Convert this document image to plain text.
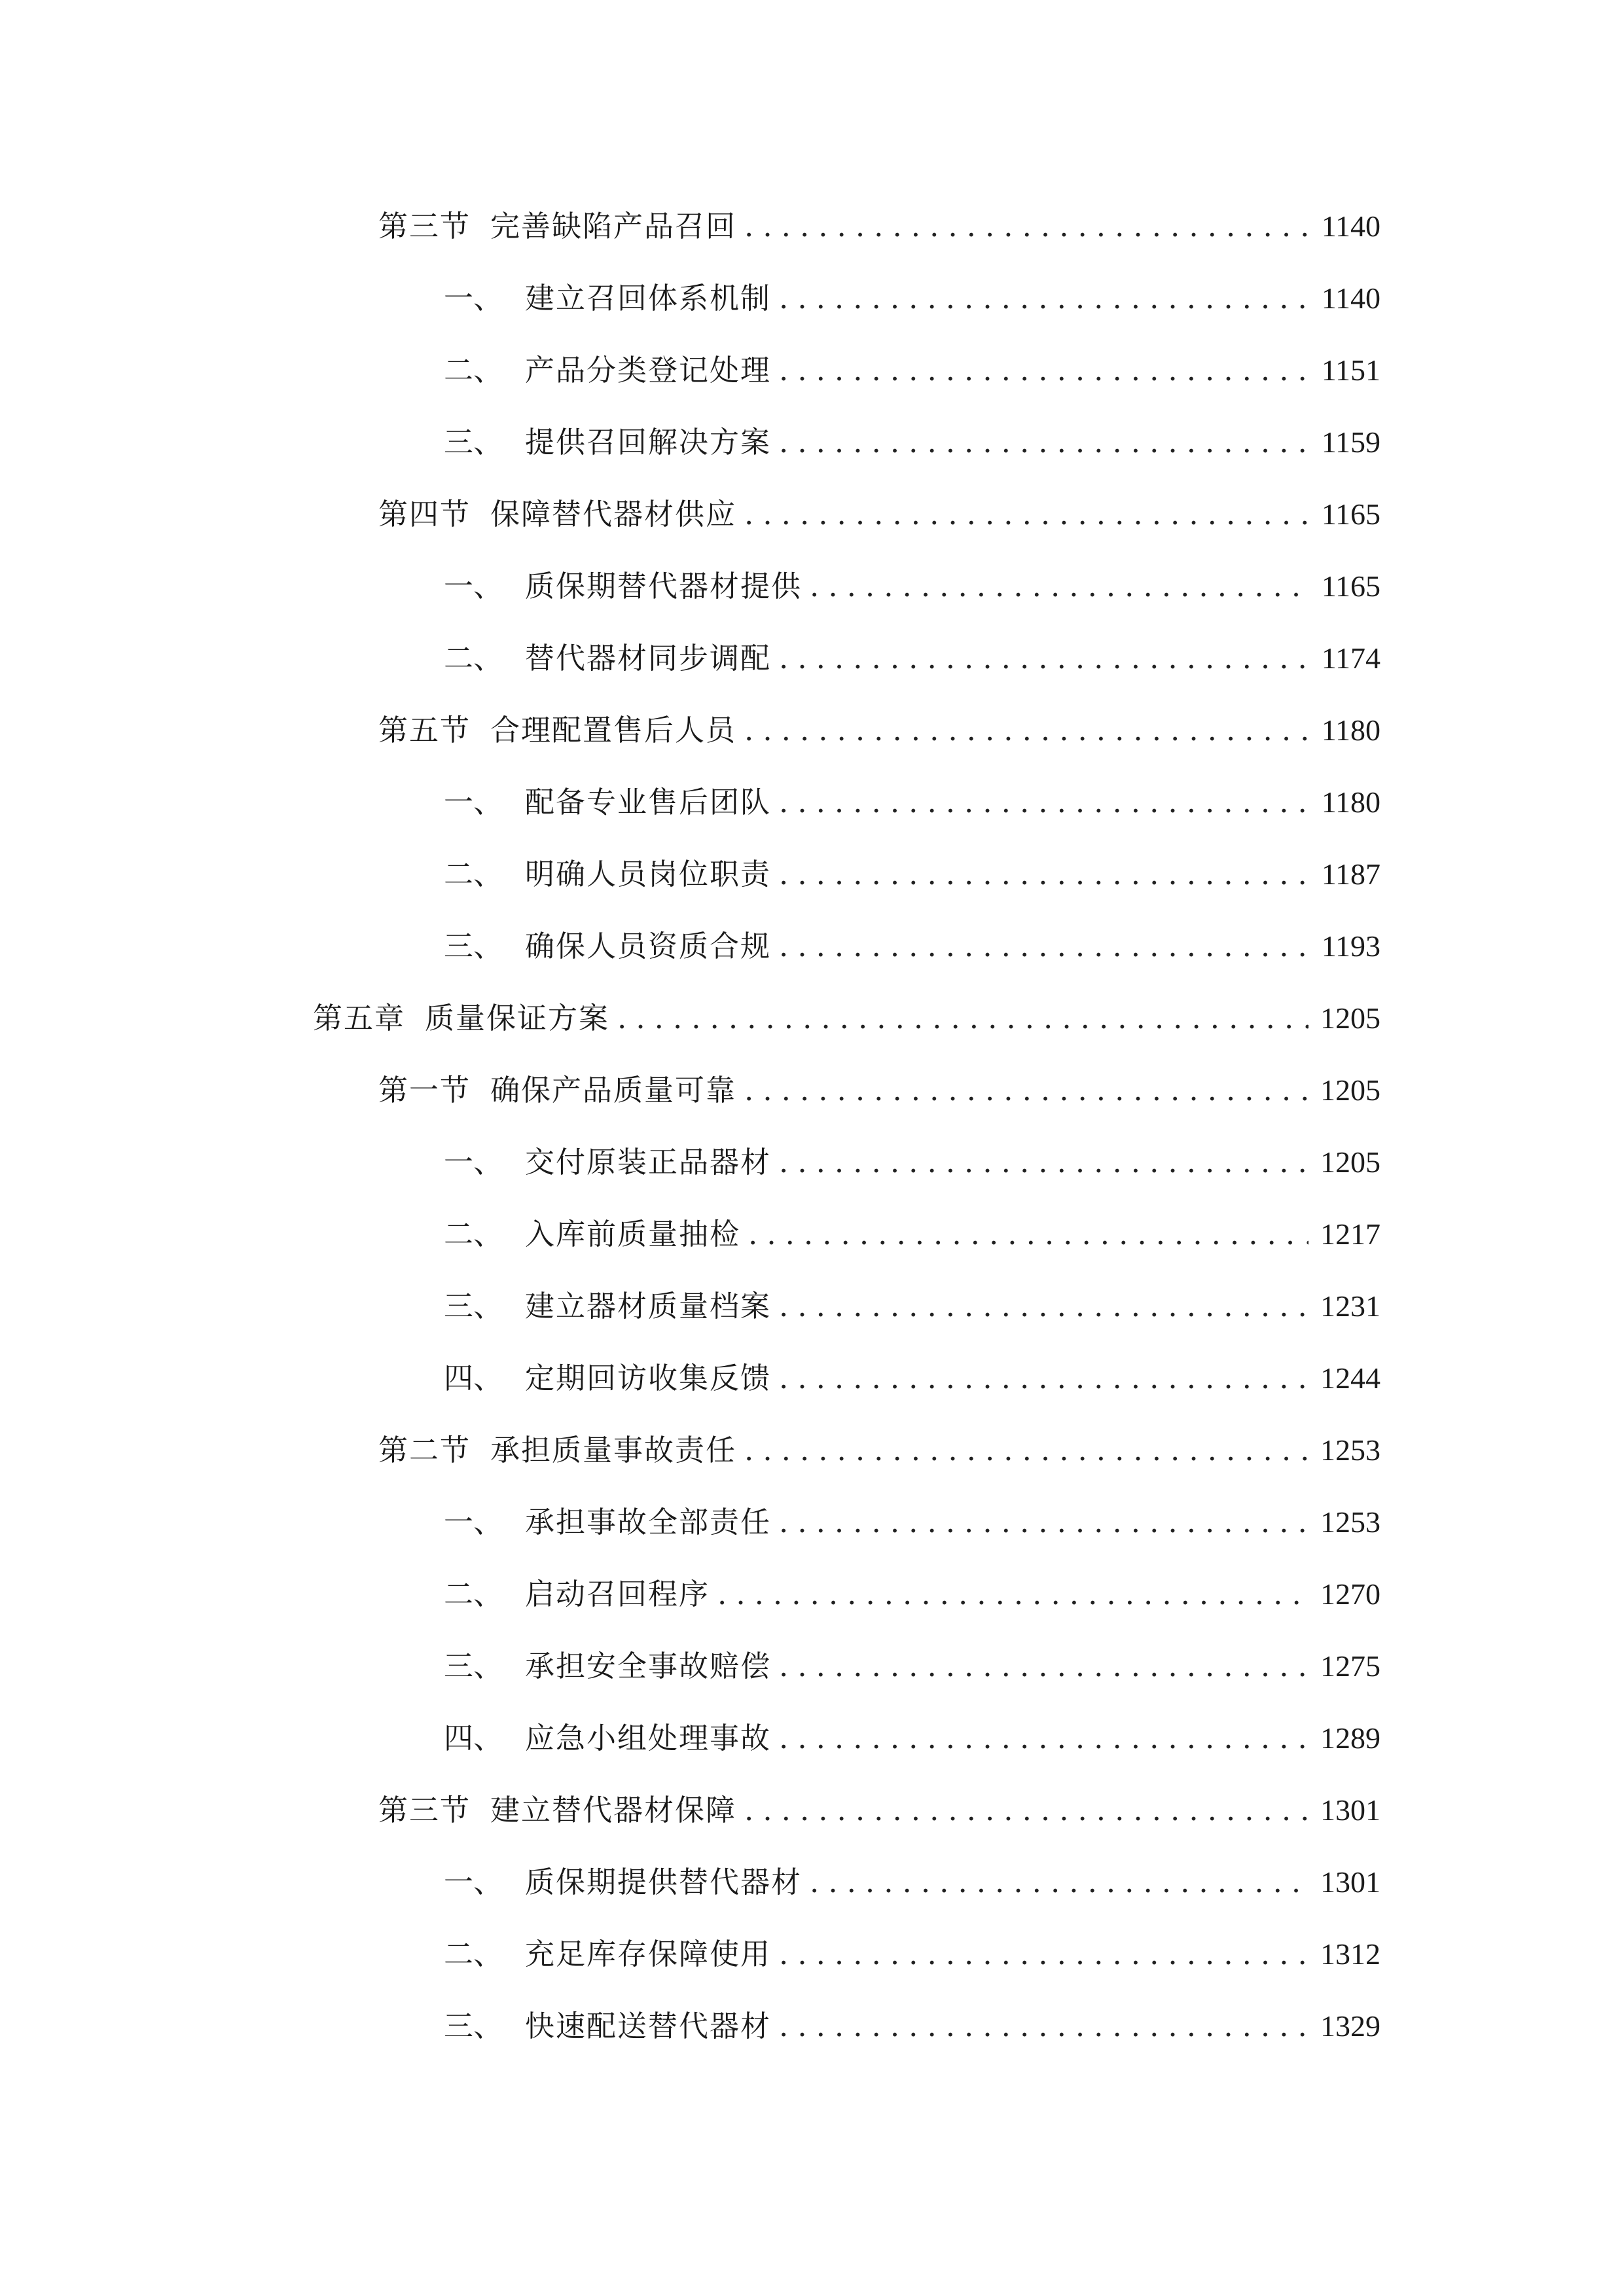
第三节 完善缺陷产品召回 .....	1140
一、 建立召回体系机制 .....	1140
二、 产品分类登记处理 .....	1151
三、 提供召回解决方案 .....	1159
第四节 保障替代器材供应 .....	1165
一、 质保期替代器材提供 .....	1165
二、 替代器材同步调配 .....	1174
第五节 合理配置售后人员 .....	1180
一、 配备专业售后团队 .....	1180
二、 明确人员岗位职责 .....	1187
三、 确保人员资质合规 .....	1193
第五章 质量保证方案 .....	1205
第一节 确保产品质量可靠 .....	1205
一、 交付原装正品器材 .....	1205
二、 入库前质量抽检 .....	1217
三、 建立器材质量档案 .....	1231
四、 定期回访收集反馈 .....	1244
第二节 承担质量事故责任 .....	1253
一、 承担事故全部责任 .....	1253
二、 启动召回程序 .....	1270
三、 承担安全事故赔偿 .....	1275
四、 应急小组处理事故 .....	1289
第三节 建立替代器材保障 .....	1301
一、 质保期提供替代器材 .....	1301
二、 充足库存保障使用 .....	1312
三、 快速配送替代器材 .....	1329
